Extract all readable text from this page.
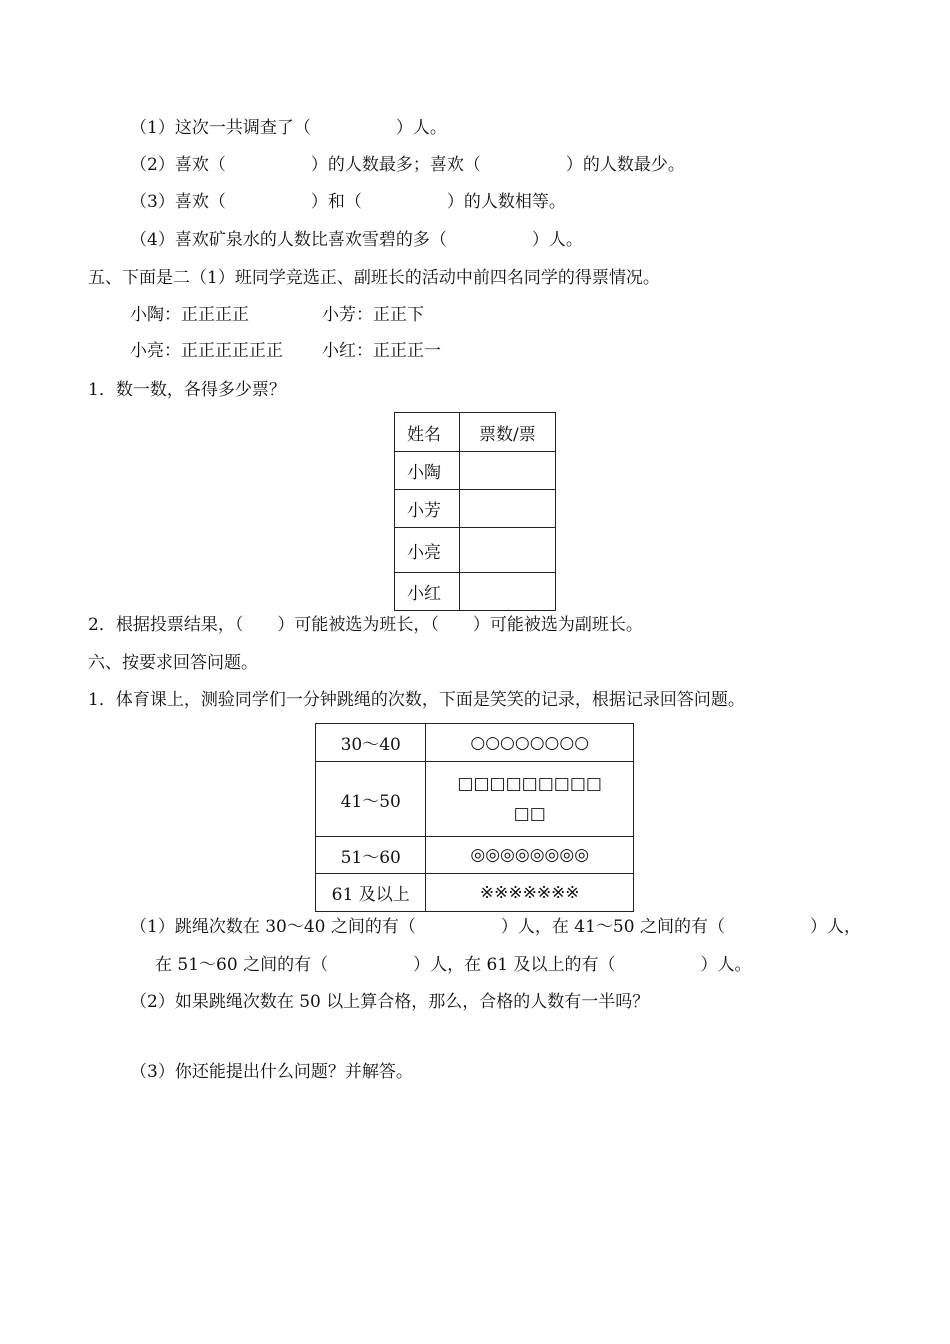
（1）这次一共调查了（　　　　　）人。
（2）喜欢（　　　　　）的人数最多；喜欢（　　　　　）的人数最少。
（3）喜欢（　　　　　）和（　　　　　）的人数相等。
（4）喜欢矿泉水的人数比喜欢雪碧的多（　　　　　）人。
五、下面是二（1）班同学竞选正、副班长的活动中前四名同学的得票情况。
小陶：正正正正	小芳：正正下
小亮：正正正正正正 小红：正正正一
1．数一数，各得多少票？
姓名	票数/票
小陶	
小芳	
小亮	
小红	
2．根据投票结果，（　　）可能被选为班长，（　　）可能被选为副班长。
六、按要求回答问题。
1．体育课上，测验同学们一分钟跳绳的次数，下面是笑笑的记录，根据记录回答问题。
30～40	○○○○○○○○
41～50	□□□□□□□□□
□□

51～60	◎◎◎◎◎◎◎◎
61 及以上	※※※※※※※
（1）跳绳次数在 30～40 之间的有（　　　　　）人，在 41～50 之间的有（　　　　　）人，
在 51～60 之间的有（　　　　　）人，在 61 及以上的有（　　　　　）人。
（2）如果跳绳次数在 50 以上算合格，那么，合格的人数有一半吗？
（3）你还能提出什么问题？并解答。
